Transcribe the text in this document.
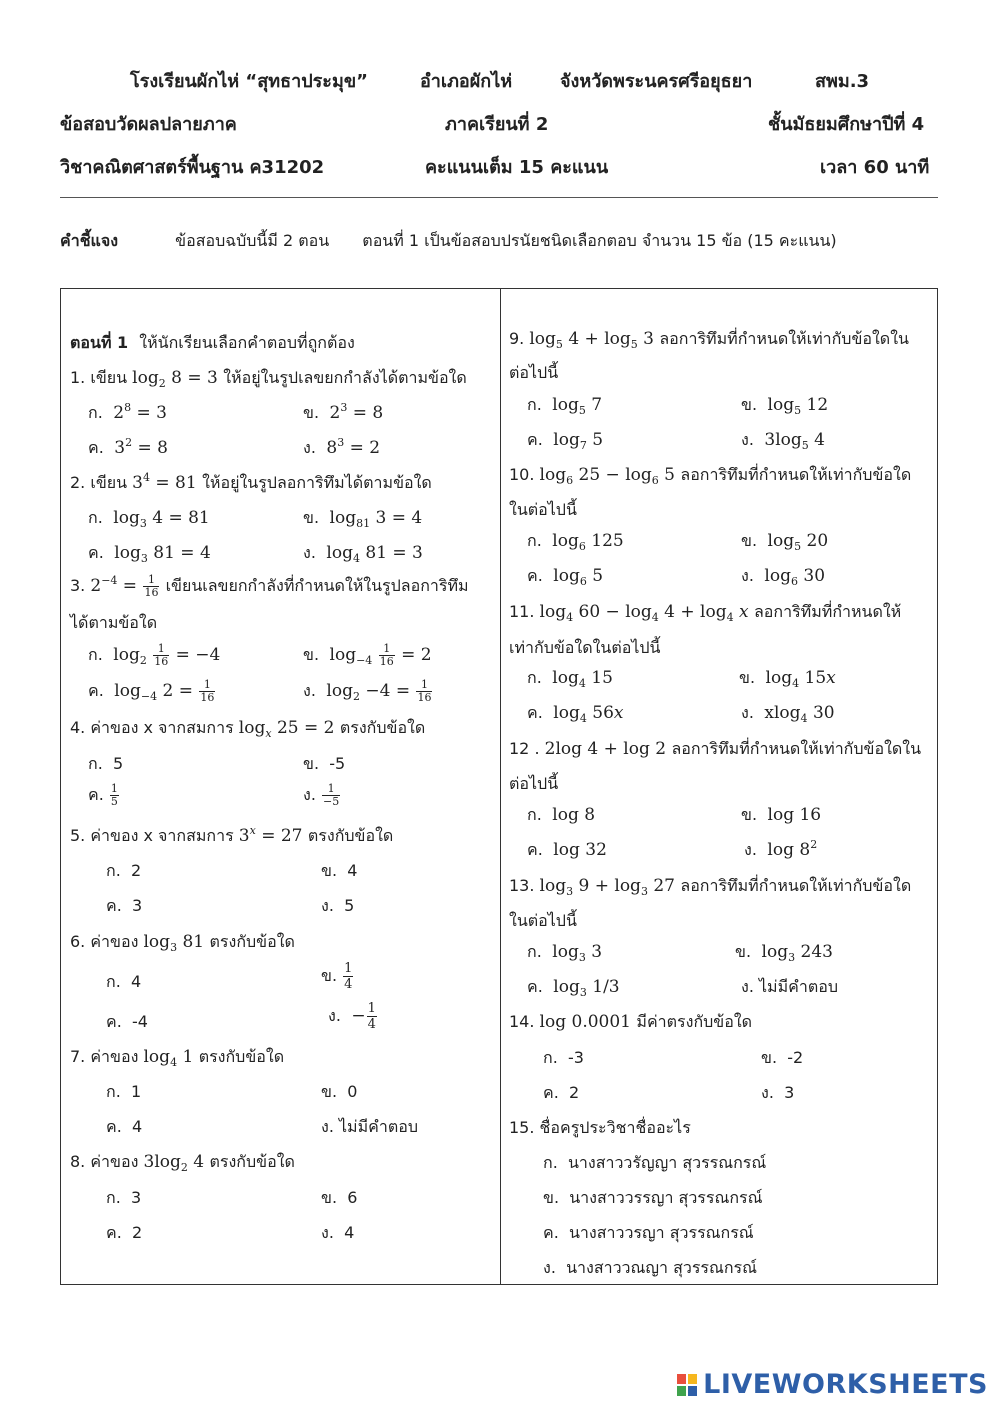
โรงเรียนผักไห่ “สุทธาประมุข”	อำเภอผักไห่	จังหวัดพระนครศรีอยุธยา	สพม.3
ข้อสอบวัดผลปลายภาค	ภาคเรียนที่ 2	ชั้นมัธยมศึกษาปีที่ 4
วิชาคณิตศาสตร์พื้นฐาน ค31202	คะแนนเต็ม 15 คะแนน	เวลา 60 นาที
คำชี้แจง	ข้อสอบฉบับนี้มี 2 ตอน ตอนที่ 1 เป็นข้อสอบปรนัยชนิดเลือกตอบ จำนวน 15 ข้อ (15 คะแนน)
ตอนที่ 1 ให้นักเรียนเลือกคำตอบที่ถูกต้อง
1. เขียน $\log_2 8 = 3$ ให้อยู่ในรูปเลขยกกำลังได้ตามข้อใด
ก.  $2^8 = 3$	ข.  $2^3 = 8$
ค.  $3^2 = 8$	ง.  $8^3 = 2$
2. เขียน $3^4 = 81$ ให้อยู่ในรูปลอการิทึมได้ตามข้อใด
ก.  $\log_3 4 = 81$	ข.  $\log_{81} 3 = 4$
ค.  $\log_3 81 = 4$	ง.  $\log_4 81 = 3$
3. $2^{-4} = \frac{1}{16}$ เขียนเลขยกกำลังที่กำหนดให้ในรูปลอการิทึม
ได้ตามข้อใด
ก.  $\log_2 \frac{1}{16} = -4$	ข.  $\log_{-4} \frac{1}{16} = 2$
ค.  $\log_{-4} 2 = \frac{1}{16}$	ง.  $\log_2 -4 = \frac{1}{16}$
4. ค่าของ x จากสมการ $\log_x 25 = 2$ ตรงกับข้อใด
ก. 5	ข. -5
ค. $\frac{1}{5}$	ง. $\frac{1}{-5}$
5. ค่าของ x จากสมการ $3^x = 27$ ตรงกับข้อใด
ก. 2	ข. 4
ค. 3	ง. 5
6. ค่าของ $\log_3 81$ ตรงกับข้อใด
ก. 4	ข. $\frac{1}{4}$
ค. -4	ง.  − $\frac{1}{4}$
7. ค่าของ $\log_4 1$ ตรงกับข้อใด
ก. 1	ข. 0
ค. 4	ง. ไม่มีคำตอบ
8. ค่าของ $3\log_2$ 4 ตรงกับข้อใด
ก. 3	ข. 6
ค. 2	ง. 4
9. $\log_5 4 + \log_5 3$ ลอการิทึมที่กำหนดให้เท่ากับข้อใดใน
ต่อไปนี้
ก.  $\log_5 7$	ข.  $\log_5 12$
ค.  $\log_7 5$	ง.  $3\log_5$ 4
10. $\log_6 25 - \log_6 5$ ลอการิทึมที่กำหนดให้เท่ากับข้อใด
ในต่อไปนี้
ก.  $\log_6 125$	ข.  $\log_5 20$
ค.  $\log_6 5$	ง.  $\log_6 30$
11. $\log_4 60 - \log_4 4 + \log_4 x$ ลอการิทึมที่กำหนดให้
เท่ากับข้อใดในต่อไปนี้
ก.  $\log_4 15$	ข.  $\log_4 15x$
ค.  $\log_4 56x$	ง.  xlog$_4$ 30
12 . 2log 4 + log 2 ลอการิทึมที่กำหนดให้เท่ากับข้อใดใน
ต่อไปนี้
ก.  log 8	ข.  log 16
ค.  log 32	ง.  $\log 8^2$
13. $\log_3 9 + \log_3 27$ ลอการิทึมที่กำหนดให้เท่ากับข้อใด
ในต่อไปนี้
ก.  $\log_3 3$	ข.  $\log_3 243$
ค.  $\log_3 1/3$	ง. ไม่มีคำตอบ
14. log 0.0001 มีค่าตรงกับข้อใด
ก. -3	ข. -2
ค. 2	ง. 3
15. ชื่อครูประวิชาชื่ออะไร
ก. นางสาววรัญญา สุวรรณกรณ์
ข. นางสาววรรญา สุวรรณกรณ์
ค. นางสาววรญา สุวรรณกรณ์
ง. นางสาววณญา สุวรรณกรณ์
LIVEWORKSHEETS
